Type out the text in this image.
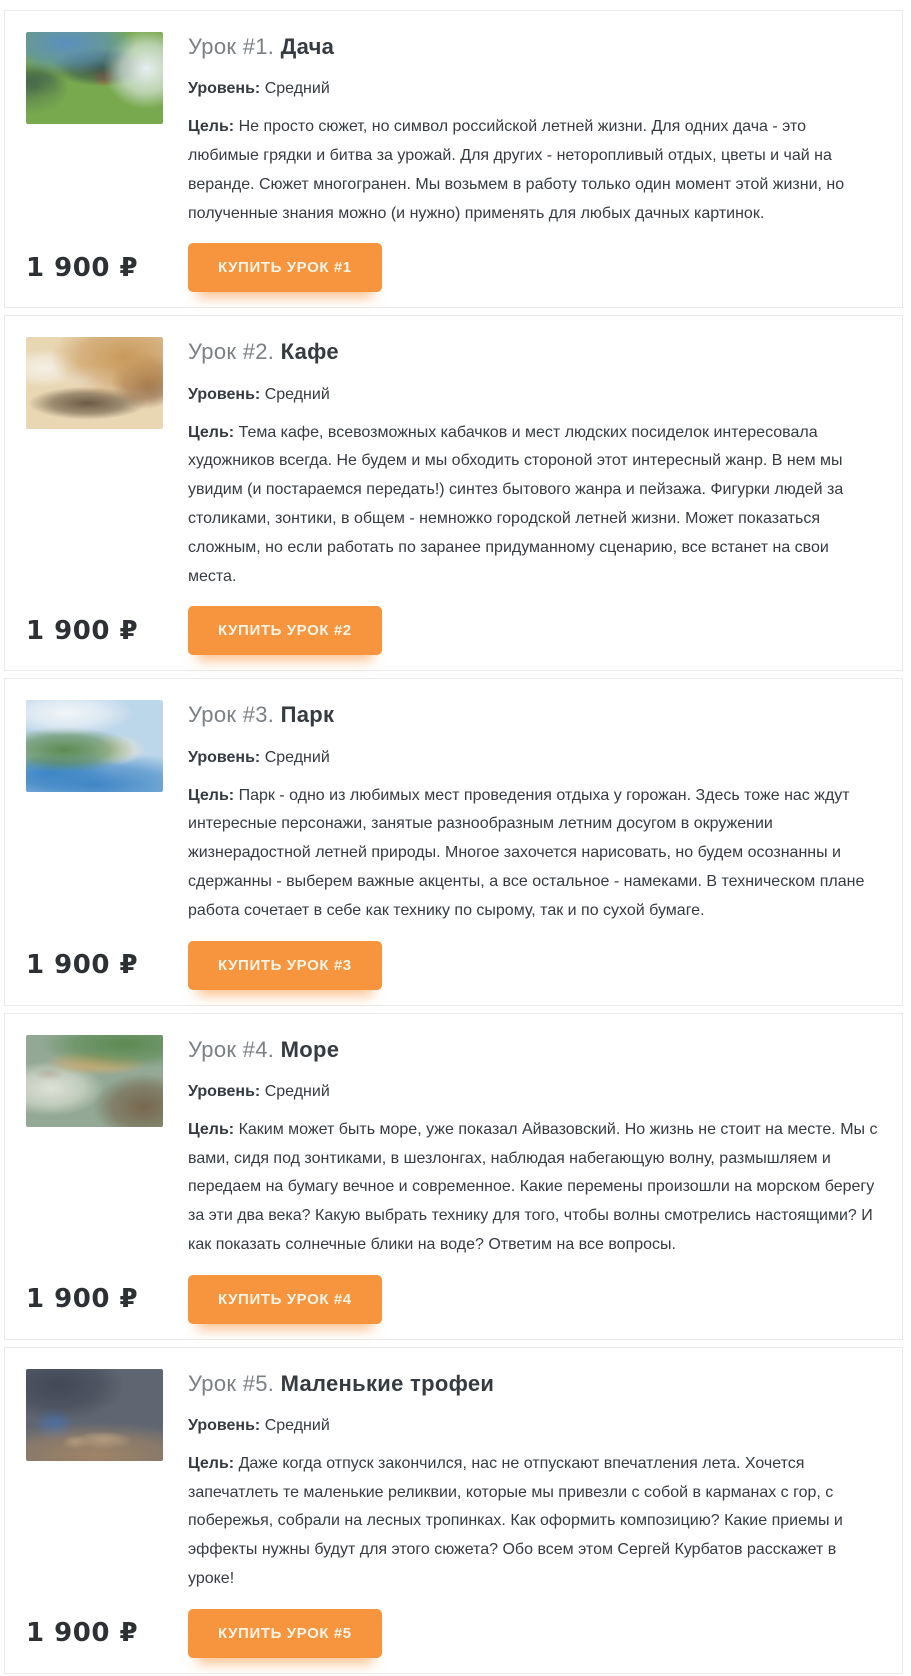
Урок #1. Дача

Уровень: Средний

Цель: Не просто сюжет, но символ российской летней жизни. Для одних дача - это любимые грядки и битва за урожай. Для других - неторопливый отдых, цветы и чай на веранде. Сюжет многогранен. Мы возьмем в работу только один момент этой жизни, но полученные знания можно (и нужно) применять для любых дачных картинок.

1 900 ₽	КУПИТЬ УРОК #1
Урок #2. Кафе

Уровень: Средний

Цель: Тема кафе, всевозможных кабачков и мест людских посиделок интересовала художников всегда. Не будем и мы обходить стороной этот интересный жанр. В нем мы увидим (и постараемся передать!) синтез бытового жанра и пейзажа. Фигурки людей за столиками, зонтики, в общем - немножко городской летней жизни. Может показаться сложным, но если работать по заранее придуманному сценарию, все встанет на свои места.

1 900 ₽	КУПИТЬ УРОК #2
Урок #3. Парк

Уровень: Средний

Цель: Парк - одно из любимых мест проведения отдыха у горожан. Здесь тоже нас ждут интересные персонажи, занятые разнообразным летним досугом в окружении жизнерадостной летней природы. Многое захочется нарисовать, но будем осознанны и сдержанны - выберем важные акценты, а все остальное - намеками. В техническом плане работа сочетает в себе как технику по сырому, так и по сухой бумаге.

1 900 ₽	КУПИТЬ УРОК #3
Урок #4. Море

Уровень: Средний

Цель: Каким может быть море, уже показал Айвазовский. Но жизнь не стоит на месте. Мы с вами, сидя под зонтиками, в шезлонгах, наблюдая набегающую волну, размышляем и передаем на бумагу вечное и современное. Какие перемены произошли на морском берегу за эти два века? Какую выбрать технику для того, чтобы волны смотрелись настоящими? И как показать солнечные блики на воде? Ответим на все вопросы.

1 900 ₽	КУПИТЬ УРОК #4
Урок #5. Маленькие трофеи

Уровень: Средний

Цель: Даже когда отпуск закончился, нас не отпускают впечатления лета. Хочется запечатлеть те маленькие реликвии, которые мы привезли с собой в карманах с гор, с побережья, собрали на лесных тропинках. Как оформить композицию? Какие приемы и эффекты нужны будут для этого сюжета? Обо всем этом Сергей Курбатов расскажет в уроке!

1 900 ₽	КУПИТЬ УРОК #5
